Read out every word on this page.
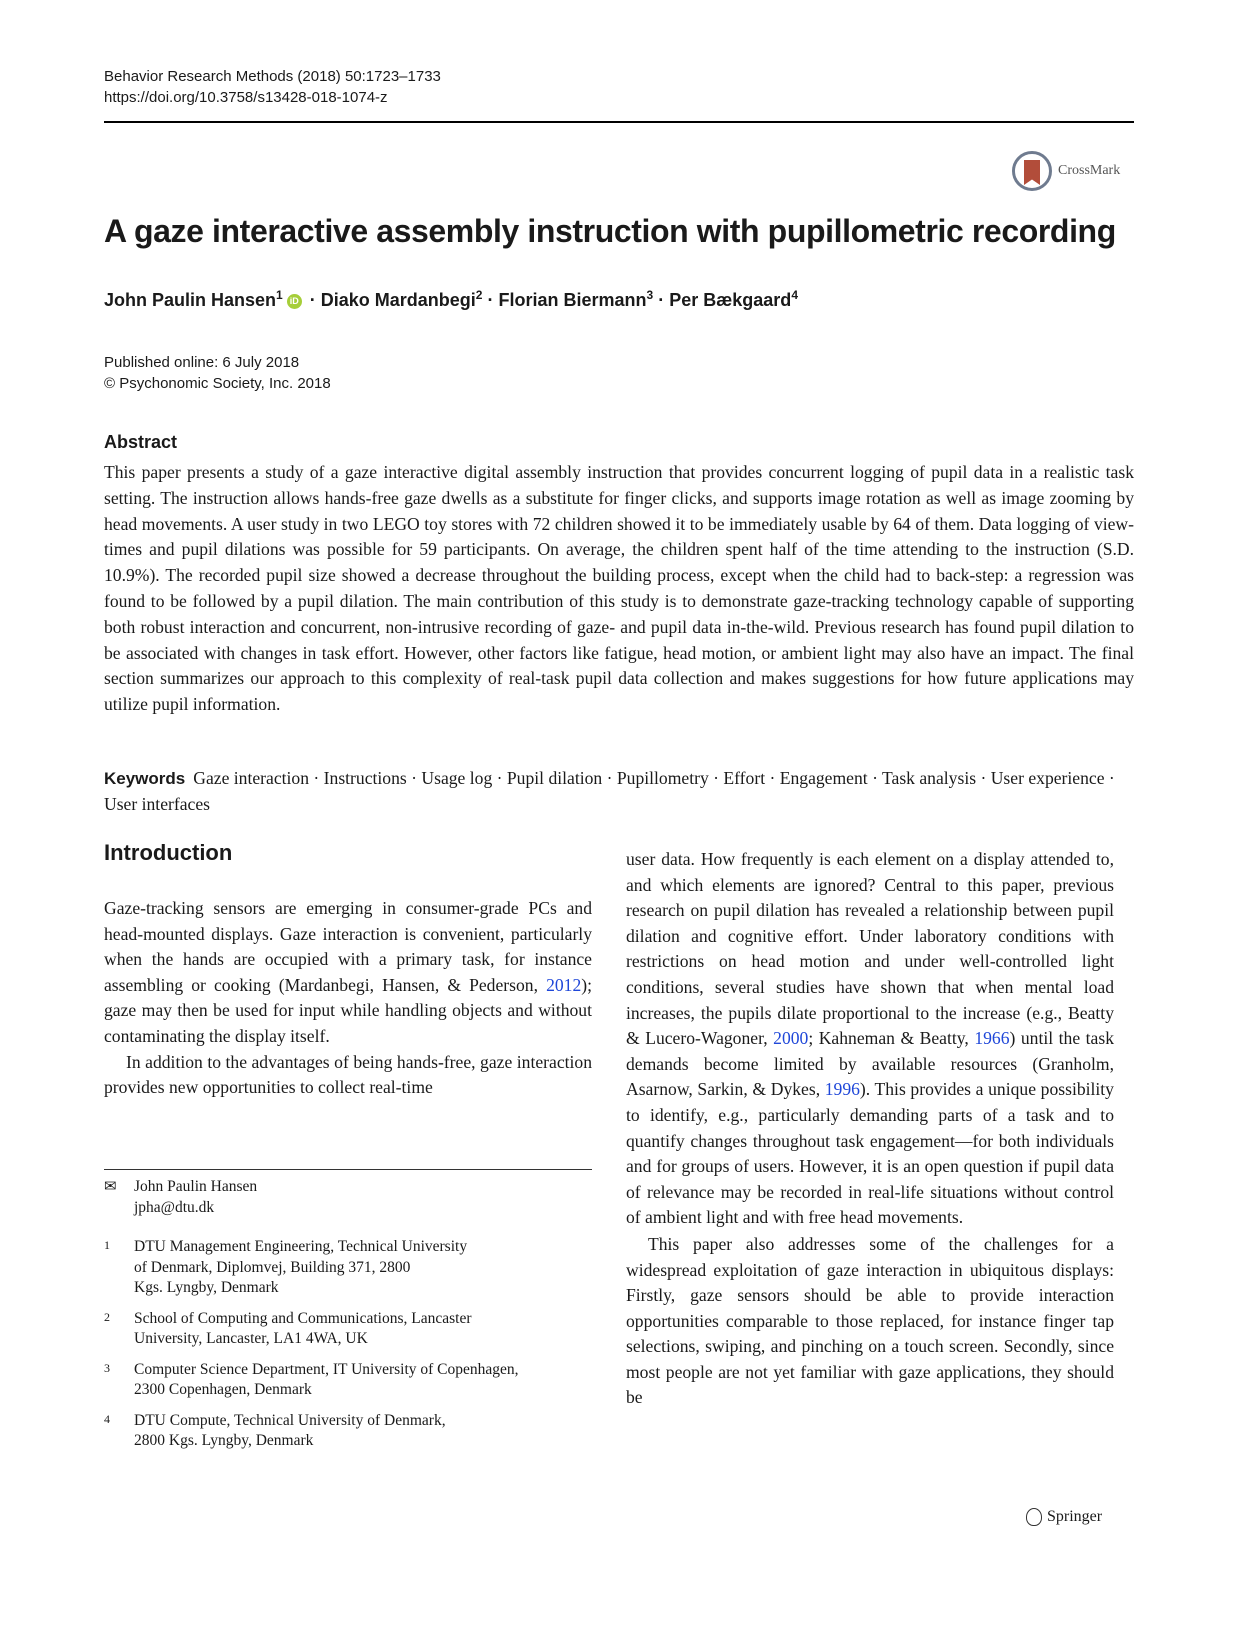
Behavior Research Methods (2018) 50:1723–1733
https://doi.org/10.3758/s13428-018-1074-z
CrossMark
A gaze interactive assembly instruction with pupillometric recording
John Paulin Hansen$^1$ iD · Diako Mardanbegi$^2$ · Florian Biermann$^3$ · Per Bækgaard$^4$
Published online: 6 July 2018
© Psychonomic Society, Inc. 2018
Abstract
This paper presents a study of a gaze interactive digital assembly instruction that provides concurrent logging of pupil data in a realistic task setting. The instruction allows hands-free gaze dwells as a substitute for finger clicks, and supports image rotation as well as image zooming by head movements. A user study in two LEGO toy stores with 72 children showed it to be immediately usable by 64 of them. Data logging of view-times and pupil dilations was possible for 59 participants. On average, the children spent half of the time attending to the instruction (S.D. 10.9%). The recorded pupil size showed a decrease throughout the building process, except when the child had to back-step: a regression was found to be followed by a pupil dilation. The main contribution of this study is to demonstrate gaze-tracking technology capable of supporting both robust interaction and concurrent, non-intrusive recording of gaze- and pupil data in-the-wild. Previous research has found pupil dilation to be associated with changes in task effort. However, other factors like fatigue, head motion, or ambient light may also have an impact. The final section summarizes our approach to this complexity of real-task pupil data collection and makes suggestions for how future applications may utilize pupil information.
Keywords Gaze interaction · Instructions · Usage log · Pupil dilation · Pupillometry · Effort · Engagement · Task analysis · User experience · User interfaces
Introduction

Gaze-tracking sensors are emerging in consumer-grade PCs and head-mounted displays. Gaze interaction is convenient, particularly when the hands are occupied with a primary task, for instance assembling or cooking (Mardanbegi, Hansen, & Pederson, 2012); gaze may then be used for input while handling objects and without contaminating the display itself.

In addition to the advantages of being hands-free, gaze interaction provides new opportunities to collect real-time

user data. How frequently is each element on a display attended to, and which elements are ignored? Central to this paper, previous research on pupil dilation has revealed a relationship between pupil dilation and cognitive effort. Under laboratory conditions with restrictions on head motion and under well-controlled light conditions, several studies have shown that when mental load increases, the pupils dilate proportional to the increase (e.g., Beatty & Lucero-Wagoner, 2000; Kahneman & Beatty, 1966) until the task demands become limited by available resources (Granholm, Asarnow, Sarkin, & Dykes, 1996). This provides a unique possibility to identify, e.g., particularly demanding parts of a task and to quantify changes throughout task engagement—for both individuals and for groups of users. However, it is an open question if pupil data of relevance may be recorded in real-life situations without control of ambient light and with free head movements.

This paper also addresses some of the challenges for a widespread exploitation of gaze interaction in ubiquitous displays: Firstly, gaze sensors should be able to provide interaction opportunities comparable to those replaced, for instance finger tap selections, swiping, and pinching on a touch screen. Secondly, since most people are not yet familiar with gaze applications, they should be

✉	John Paulin Hansen
jpha@dtu.dk
1	DTU Management Engineering, Technical University
of Denmark, Diplomvej, Building 371, 2800
Kgs. Lyngby, Denmark
2	School of Computing and Communications, Lancaster
University, Lancaster, LA1 4WA, UK
3	Computer Science Department, IT University of Copenhagen,
2300 Copenhagen, Denmark
4	DTU Compute, Technical University of Denmark,
2800 Kgs. Lyngby, Denmark
Springer
